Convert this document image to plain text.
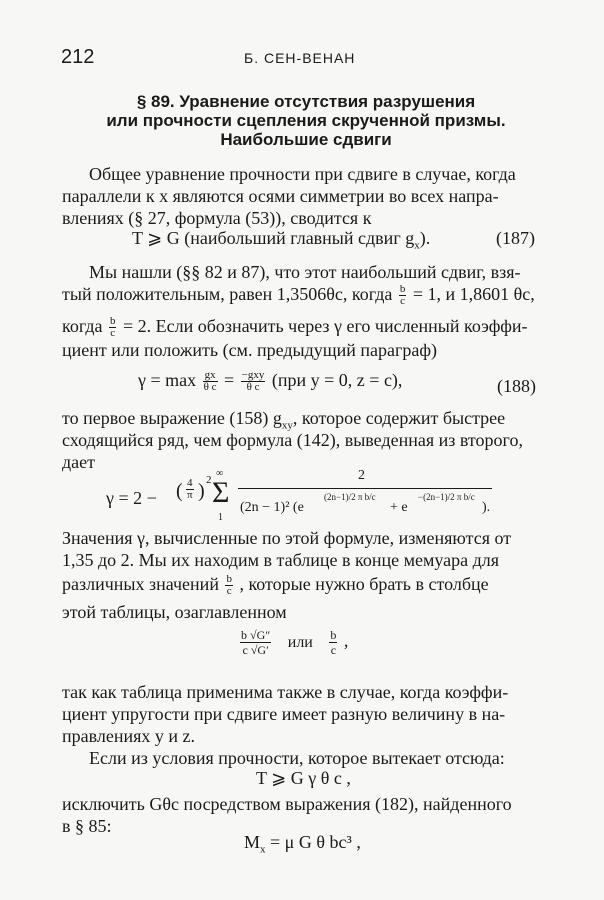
212	Б. СЕН-ВЕНАН
§ 89. Уравнение отсутствия разрушения
или прочности сцепления скрученной призмы.
Наибольшие сдвиги
Общее уравнение прочности при сдвиге в случае, когда
параллели к x являются осями симметрии во всех напра-
влениях (§ 27, формула (53)), сводится к
T ⩾ G (наибольший главный сдвиг $g_x$).	(187)
Мы нашли (§§ 82 и 87), что этот наибольший сдвиг, взя-
тый положительным, равен 1,3506θc, когда $\frac{b}{c} = 1$, и 1,8601 θc,
когда $\frac{b}{c} = 2$. Если обозначить через γ его численный коэффи-
циент или положить (см. предыдущий параграф)
$\gamma = \max \frac{gx}{\text{θ c}} = \frac{\text{−gxy}}{\text{θ c}} (при$ y = 0, z = c),	(188)
то первое выражение (158) $g_{xy}$, которое содержит быстрее
сходящийся ряд, чем формула (142), выведенная из второго,
дает
γ = 2 − ( $\frac{4}{\pi}$ ) 2
∞
Σ
1
2
(2n − 1)² (e
(2n−1)/2 π b/c
+ e
−(2n−1)/2 π b/c
).
Значения γ, вычисленные по этой формуле, изменяются от
1,35 до 2. Мы их находим в таблице в конце мемуара для
различных значений $\frac{b}{c}$ , которые нужно брать в столбце
этой таблицы, озаглавленном
$\frac{b √G''}{c √G'}$ или $\frac{b}{c}$ ,
так как таблица применима также в случае, когда коэффи-
циент упругости при сдвиге имеет разную величину в на-
правлениях y и z.
Если из условия прочности, которое вытекает отсюда:
T ⩾ G γ θ c ,
исключить Gθc посредством выражения (182), найденного
в § 85:
$M_x = \mu$ G θ bc³ ,
